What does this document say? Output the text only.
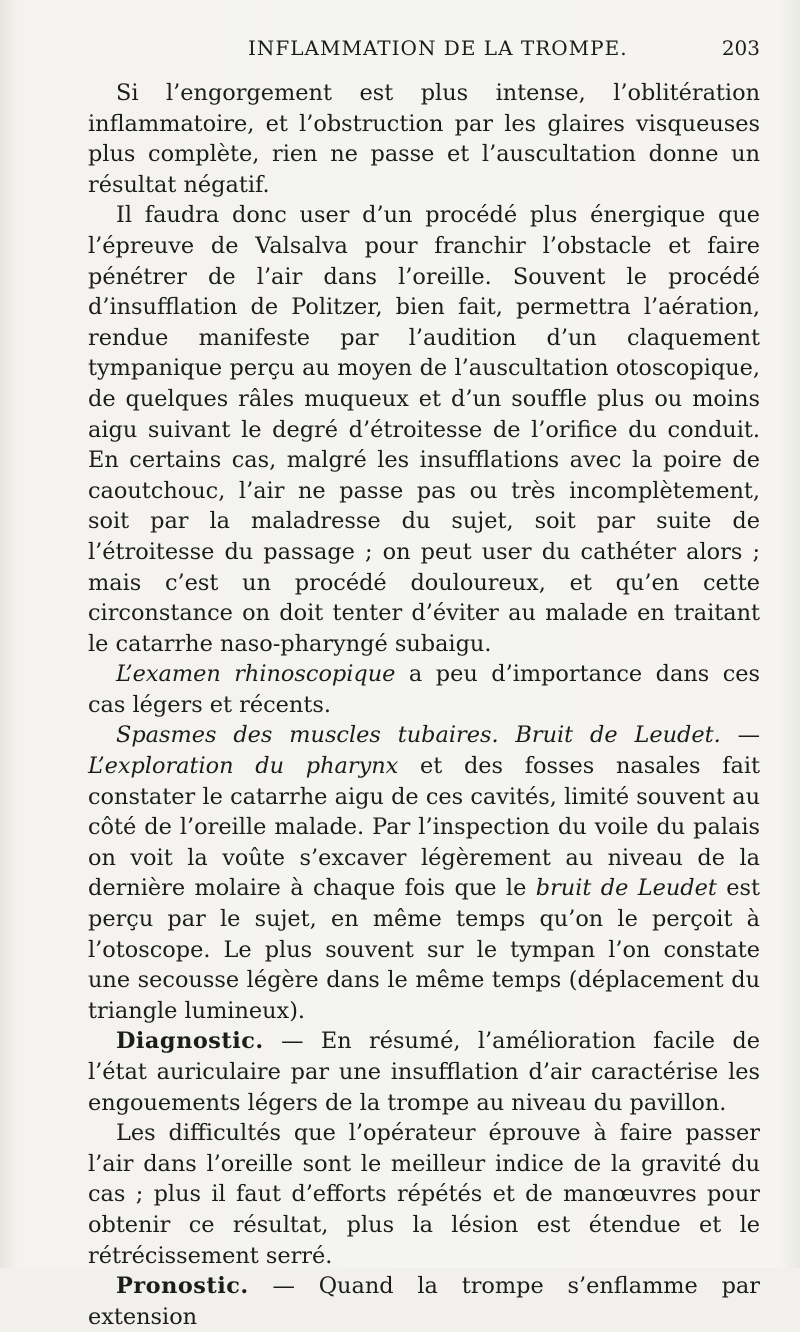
INFLAMMATION DE LA TROMPE.	203

Si l’engorgement est plus intense, l’oblitération inflammatoire, et l’obstruction par les glaires visqueuses plus complète, rien ne passe et l’auscultation donne un résultat négatif.

Il faudra donc user d’un procédé plus énergique que l’épreuve de Valsalva pour franchir l’obstacle et faire pénétrer de l’air dans l’oreille. Souvent le procédé d’insufflation de Politzer, bien fait, permettra l’aération, rendue manifeste par l’audition d’un claquement tympanique perçu au moyen de l’auscultation otoscopique, de quelques râles muqueux et d’un souffle plus ou moins aigu suivant le degré d’étroitesse de l’orifice du conduit. En certains cas, malgré les insufflations avec la poire de caoutchouc, l’air ne passe pas ou très incomplètement, soit par la maladresse du sujet, soit par suite de l’étroitesse du passage ; on peut user du cathéter alors ; mais c’est un procédé douloureux, et qu’en cette circonstance on doit tenter d’éviter au malade en traitant le catarrhe naso-pharyngé subaigu.

L’examen rhinoscopique a peu d’importance dans ces cas légers et récents.

Spasmes des muscles tubaires. Bruit de Leudet. — L’exploration du pharynx et des fosses nasales fait constater le catarrhe aigu de ces cavités, limité souvent au côté de l’oreille malade. Par l’inspection du voile du palais on voit la voûte s’excaver légèrement au niveau de la dernière molaire à chaque fois que le bruit de Leudet est perçu par le sujet, en même temps qu’on le perçoit à l’otoscope. Le plus souvent sur le tympan l’on constate une secousse légère dans le même temps (déplacement du triangle lumineux).

Diagnostic. — En résumé, l’amélioration facile de l’état auriculaire par une insufflation d’air caractérise les engouements légers de la trompe au niveau du pavillon.

Les difficultés que l’opérateur éprouve à faire passer l’air dans l’oreille sont le meilleur indice de la gravité du cas ; plus il faut d’efforts répétés et de manœuvres pour obtenir ce résultat, plus la lésion est étendue et le rétrécissement serré.

Pronostic. — Quand la trompe s’enflamme par extension
